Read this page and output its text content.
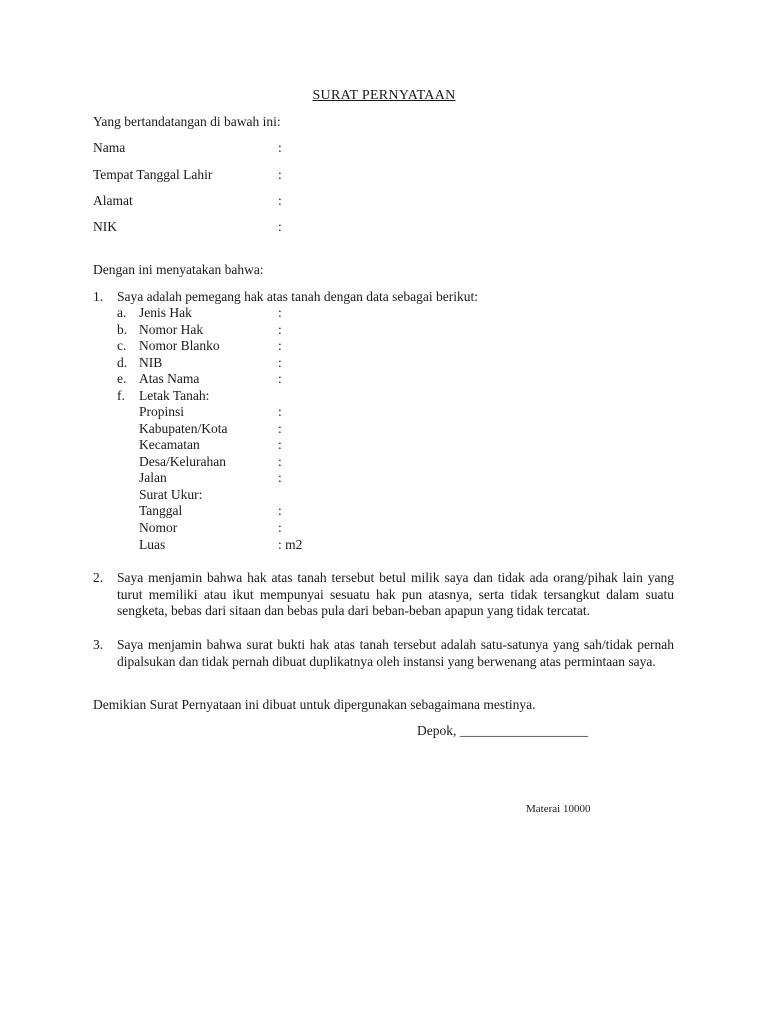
SURAT PERNYATAAN
Yang bertandatangan di bawah ini:
Nama	:
Tempat Tanggal Lahir	:
Alamat	:
NIK	:
Dengan ini menyatakan bahwa:
1. Saya adalah pemegang hak atas tanah dengan data sebagai berikut:
a. Jenis Hak	:
b. Nomor Hak	:
c. Nomor Blanko	:
d. NIB	:
e. Atas Nama	:
f. Letak Tanah:
Propinsi	:
Kabupaten/Kota	:
Kecamatan	:
Desa/Kelurahan	:
Jalan	:
Surat Ukur:
Tanggal	:
Nomor	:
Luas	: m2
2. Saya menjamin bahwa hak atas tanah tersebut betul milik saya dan tidak ada orang/pihak lain yang turut memiliki atau ikut mempunyai sesuatu hak pun atasnya, serta tidak tersangkut dalam suatu sengketa, bebas dari sitaan dan bebas pula dari beban-beban apapun yang tidak tercatat.
3. Saya menjamin bahwa surat bukti hak atas tanah tersebut adalah satu-satunya yang sah/tidak pernah dipalsukan dan tidak pernah dibuat duplikatnya oleh instansi yang berwenang atas permintaan saya.
Demikian Surat Pernyataan ini dibuat untuk dipergunakan sebagaimana mestinya.
Depok, ___________________
Materai 10000
